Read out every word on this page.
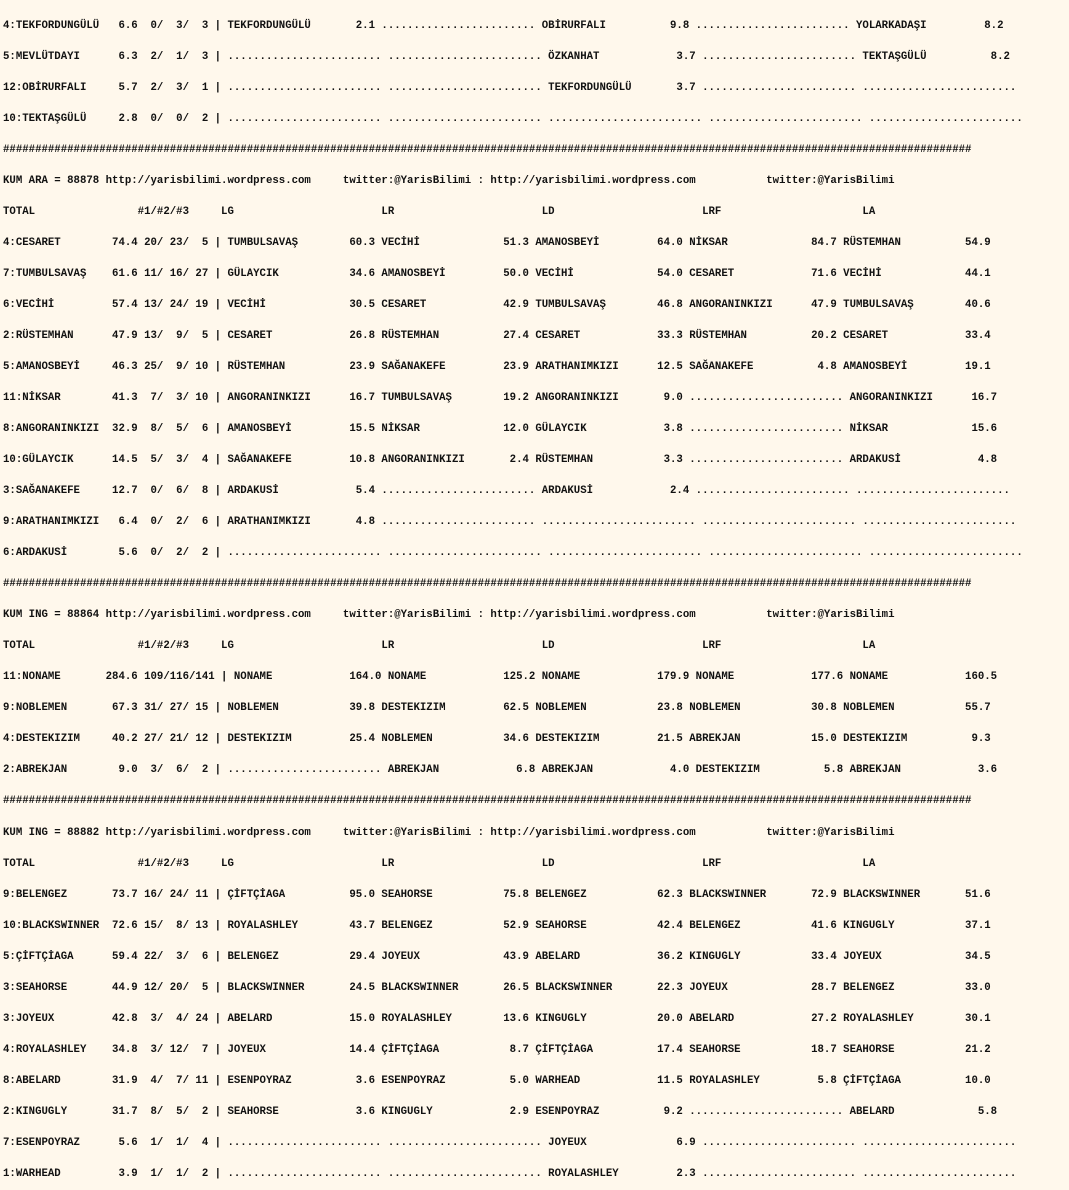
4:TEKFORDUNGÜLÜ   6.6  0/  3/  3 | TEKFORDUNGÜLÜ       2.1 ........................ OBİRURFALI          9.8 ........................ YOLARKADAŞI         8.2

5:MEVLÜTDAYI      6.3  2/  1/  3 | ........................ ........................ ÖZKANHAT            3.7 ........................ TEKTAŞGÜLÜ          8.2

12:OBİRURFALI     5.7  2/  3/  1 | ........................ ........................ TEKFORDUNGÜLÜ       3.7 ........................ ........................

10:TEKTAŞGÜLÜ     2.8  0/  0/  2 | ........................ ........................ ........................ ........................ ........................

#######################################################################################################################################################

KUM ARA = 88878 http://yarisbilimi.wordpress.com     twitter:@YarisBilimi : http://yarisbilimi.wordpress.com           twitter:@YarisBilimi

TOTAL                #1/#2/#3     LG                       LR                       LD                       LRF                      LA

4:CESARET        74.4 20/ 23/  5 | TUMBULSAVAŞ        60.3 VECİHİ             51.3 AMANOSBEYİ         64.0 NİKSAR             84.7 RÜSTEMHAN          54.9

7:TUMBULSAVAŞ    61.6 11/ 16/ 27 | GÜLAYCIK           34.6 AMANOSBEYİ         50.0 VECİHİ             54.0 CESARET            71.6 VECİHİ             44.1

6:VECİHİ         57.4 13/ 24/ 19 | VECİHİ             30.5 CESARET            42.9 TUMBULSAVAŞ        46.8 ANGORANINKIZI      47.9 TUMBULSAVAŞ        40.6

2:RÜSTEMHAN      47.9 13/  9/  5 | CESARET            26.8 RÜSTEMHAN          27.4 CESARET            33.3 RÜSTEMHAN          20.2 CESARET            33.4

5:AMANOSBEYİ     46.3 25/  9/ 10 | RÜSTEMHAN          23.9 SAĞANAKEFE         23.9 ARATHANIMKIZI      12.5 SAĞANAKEFE          4.8 AMANOSBEYİ         19.1

11:NİKSAR        41.3  7/  3/ 10 | ANGORANINKIZI      16.7 TUMBULSAVAŞ        19.2 ANGORANINKIZI       9.0 ........................ ANGORANINKIZI      16.7

8:ANGORANINKIZI  32.9  8/  5/  6 | AMANOSBEYİ         15.5 NİKSAR             12.0 GÜLAYCIK            3.8 ........................ NİKSAR             15.6

10:GÜLAYCIK      14.5  5/  3/  4 | SAĞANAKEFE         10.8 ANGORANINKIZI       2.4 RÜSTEMHAN           3.3 ........................ ARDAKUSİ            4.8

3:SAĞANAKEFE     12.7  0/  6/  8 | ARDAKUSİ            5.4 ........................ ARDAKUSİ            2.4 ........................ ........................

9:ARATHANIMKIZI   6.4  0/  2/  6 | ARATHANIMKIZI       4.8 ........................ ........................ ........................ ........................

6:ARDAKUSİ        5.6  0/  2/  2 | ........................ ........................ ........................ ........................ ........................

#######################################################################################################################################################

KUM ING = 88864 http://yarisbilimi.wordpress.com     twitter:@YarisBilimi : http://yarisbilimi.wordpress.com           twitter:@YarisBilimi

TOTAL                #1/#2/#3     LG                       LR                       LD                       LRF                      LA

11:NONAME       284.6 109/116/141 | NONAME            164.0 NONAME            125.2 NONAME            179.9 NONAME            177.6 NONAME            160.5

9:NOBLEMEN       67.3 31/ 27/ 15 | NOBLEMEN           39.8 DESTEKIZIM         62.5 NOBLEMEN           23.8 NOBLEMEN           30.8 NOBLEMEN           55.7

4:DESTEKIZIM     40.2 27/ 21/ 12 | DESTEKIZIM         25.4 NOBLEMEN           34.6 DESTEKIZIM         21.5 ABREKJAN           15.0 DESTEKIZIM          9.3

2:ABREKJAN        9.0  3/  6/  2 | ........................ ABREKJAN            6.8 ABREKJAN            4.0 DESTEKIZIM          5.8 ABREKJAN            3.6

#######################################################################################################################################################

KUM ING = 88882 http://yarisbilimi.wordpress.com     twitter:@YarisBilimi : http://yarisbilimi.wordpress.com           twitter:@YarisBilimi

TOTAL                #1/#2/#3     LG                       LR                       LD                       LRF                      LA

9:BELENGEZ       73.7 16/ 24/ 11 | ÇİFTÇİAGA          95.0 SEAHORSE           75.8 BELENGEZ           62.3 BLACKSWINNER       72.9 BLACKSWINNER       51.6

10:BLACKSWINNER  72.6 15/  8/ 13 | ROYALASHLEY        43.7 BELENGEZ           52.9 SEAHORSE           42.4 BELENGEZ           41.6 KINGUGLY           37.1

5:ÇİFTÇİAGA      59.4 22/  3/  6 | BELENGEZ           29.4 JOYEUX             43.9 ABELARD            36.2 KINGUGLY           33.4 JOYEUX             34.5

3:SEAHORSE       44.9 12/ 20/  5 | BLACKSWINNER       24.5 BLACKSWINNER       26.5 BLACKSWINNER       22.3 JOYEUX             28.7 BELENGEZ           33.0

3:JOYEUX         42.8  3/  4/ 24 | ABELARD            15.0 ROYALASHLEY        13.6 KINGUGLY           20.0 ABELARD            27.2 ROYALASHLEY        30.1

4:ROYALASHLEY    34.8  3/ 12/  7 | JOYEUX             14.4 ÇİFTÇİAGA           8.7 ÇİFTÇİAGA          17.4 SEAHORSE           18.7 SEAHORSE           21.2

8:ABELARD        31.9  4/  7/ 11 | ESENPOYRAZ          3.6 ESENPOYRAZ          5.0 WARHEAD            11.5 ROYALASHLEY         5.8 ÇİFTÇİAGA          10.0

2:KINGUGLY       31.7  8/  5/  2 | SEAHORSE            3.6 KINGUGLY            2.9 ESENPOYRAZ          9.2 ........................ ABELARD             5.8

7:ESENPOYRAZ      5.6  1/  1/  4 | ........................ ........................ JOYEUX              6.9 ........................ ........................

1:WARHEAD         3.9  1/  1/  2 | ........................ ........................ ROYALASHLEY         2.3 ........................ ........................
